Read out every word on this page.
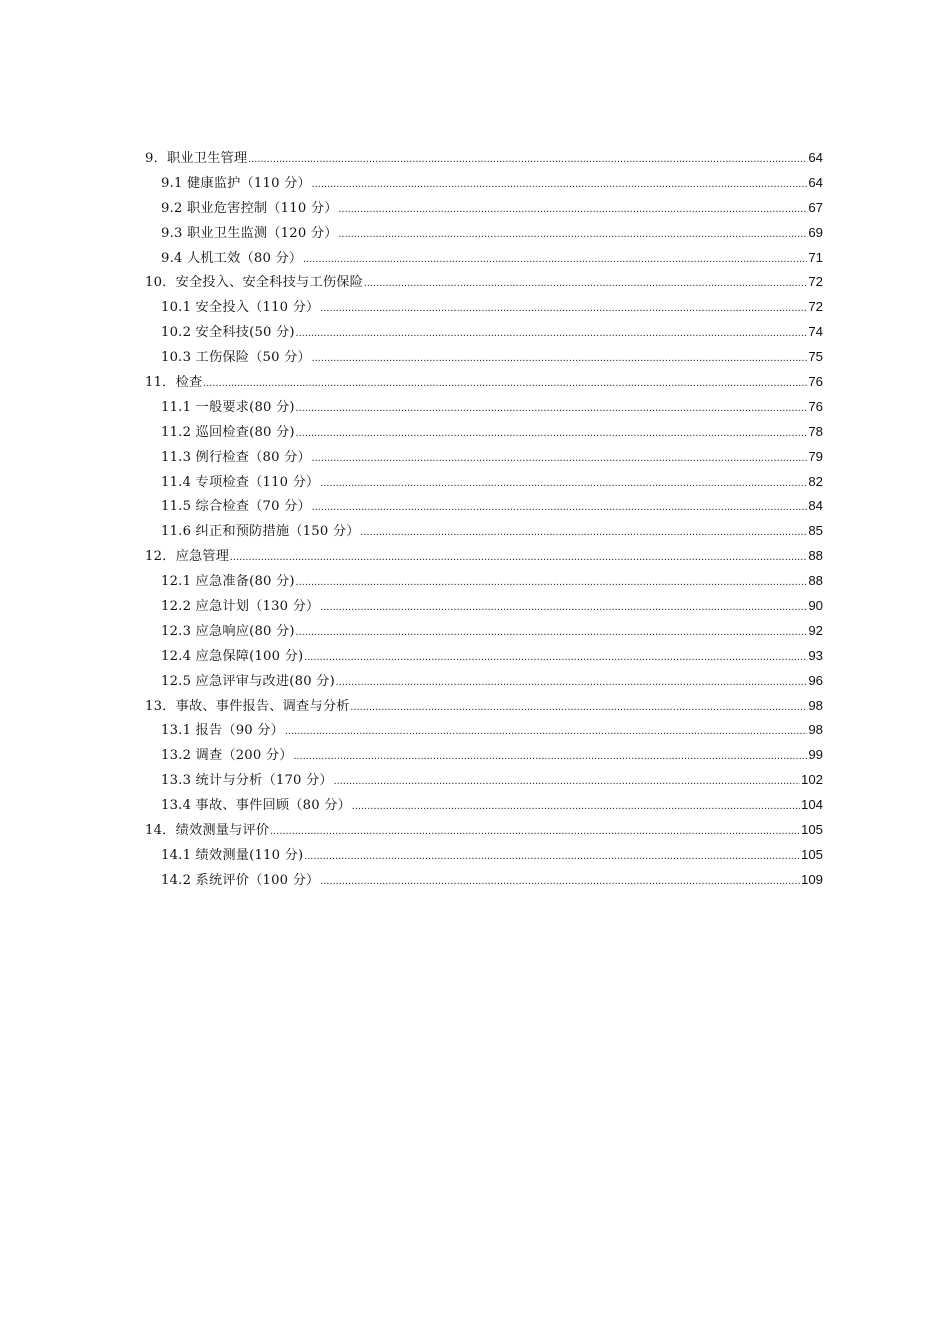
9．职业卫生管理 .....	64
9.1 健康监护（110 分） .....	64
9.2 职业危害控制（110 分） .....	67
9.3 职业卫生监测（120 分） .....	69
9.4 人机工效（80 分） .....	71
10．安全投入、安全科技与工伤保险 .....	72
10.1 安全投入（110 分） .....	72
10.2 安全科技(50 分) .....	74
10.3 工伤保险（50 分） .....	75
11．检查 .....	76
11.1 一般要求(80 分) .....	76
11.2 巡回检查(80 分) .....	78
11.3 例行检查（80 分） .....	79
11.4 专项检查（110 分） .....	82
11.5 综合检查（70 分） .....	84
11.6 纠正和预防措施（150 分） .....	85
12．应急管理 .....	88
12.1 应急准备(80 分) .....	88
12.2 应急计划（130 分） .....	90
12.3 应急响应(80 分) .....	92
12.4 应急保障(100 分) .....	93
12.5 应急评审与改进(80 分) .....	96
13．事故、事件报告、调查与分析 .....	98
13.1 报告（90 分） .....	98
13.2 调查（200 分） .....	99
13.3 统计与分析（170 分） .....	102
13.4 事故、事件回顾（80 分） .....	104
14．绩效测量与评价 .....	105
14.1 绩效测量(110 分) .....	105
14.2 系统评价（100 分） .....	109
